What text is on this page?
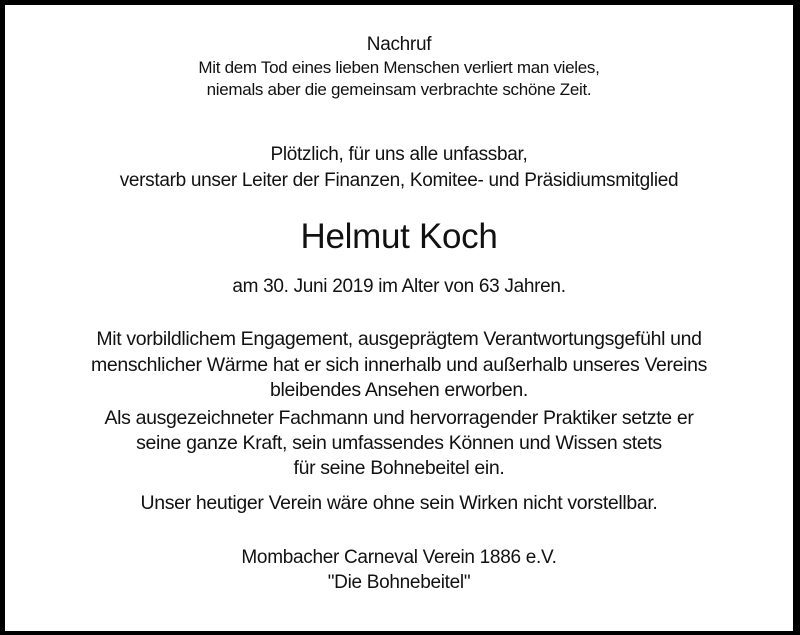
Nachruf
Mit dem Tod eines lieben Menschen verliert man vieles,
niemals aber die gemeinsam verbrachte schöne Zeit.
Plötzlich, für uns alle unfassbar,
verstarb unser Leiter der Finanzen, Komitee- und Präsidiumsmitglied
Helmut Koch
am 30. Juni 2019 im Alter von 63 Jahren.
Mit vorbildlichem Engagement, ausgeprägtem Verantwortungsgefühl und
menschlicher Wärme hat er sich innerhalb und außerhalb unseres Vereins
bleibendes Ansehen erworben.
Als ausgezeichneter Fachmann und hervorragender Praktiker setzte er
seine ganze Kraft, sein umfassendes Können und Wissen stets
für seine Bohnebeitel ein.
Unser heutiger Verein wäre ohne sein Wirken nicht vorstellbar.
Mombacher Carneval Verein 1886 e.V.
"Die Bohnebeitel"
